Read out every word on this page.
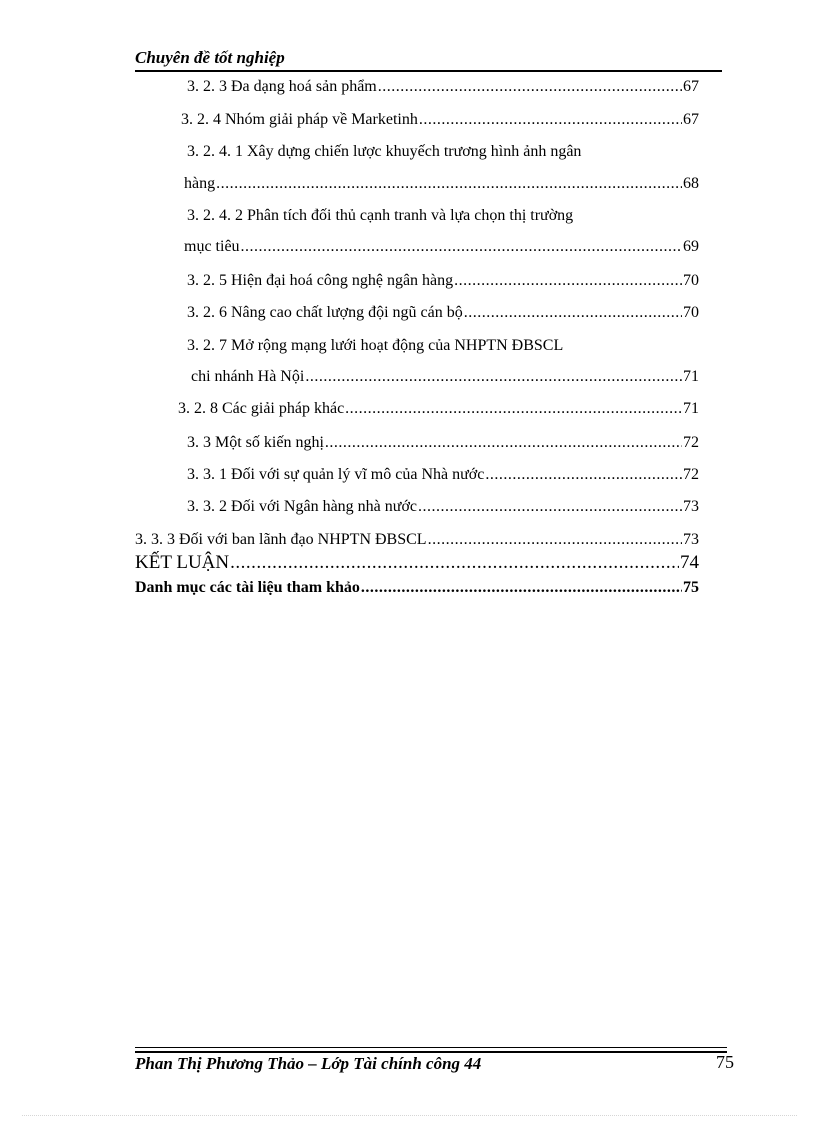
Chuyên đề tốt nghiệp
3. 2. 3 Đa dạng hoá sản phẩm .....	67
3. 2. 4 Nhóm giải pháp về Marketinh .....	67
3. 2. 4. 1 Xây dựng chiến lược khuyếch trương hình ảnh ngân
hàng .....	68
3. 2. 4. 2 Phân tích đối thủ cạnh tranh và lựa chọn thị trường
mục tiêu .....	69
3. 2. 5 Hiện đại hoá công nghệ ngân hàng .....	70
3. 2. 6 Nâng cao chất lượng đội ngũ cán bộ .....	70
3. 2. 7 Mở rộng mạng lưới hoạt động của NHPTN ĐBSCL
chi nhánh Hà Nội .....	71
3. 2. 8 Các giải pháp khác .....	71
3. 3 Một số kiến nghị .....	72
3. 3. 1 Đối với sự quản lý vĩ mô của Nhà nước .....	72
3. 3. 2 Đối với Ngân hàng nhà nước .....	73
3. 3. 3 Đối với ban lãnh đạo NHPTN ĐBSCL .....	73
KẾT LUẬN .....	74
Danh mục các tài liệu tham khảo .....	75
Phan Thị Phương Thảo – Lớp Tài chính công 44	75
